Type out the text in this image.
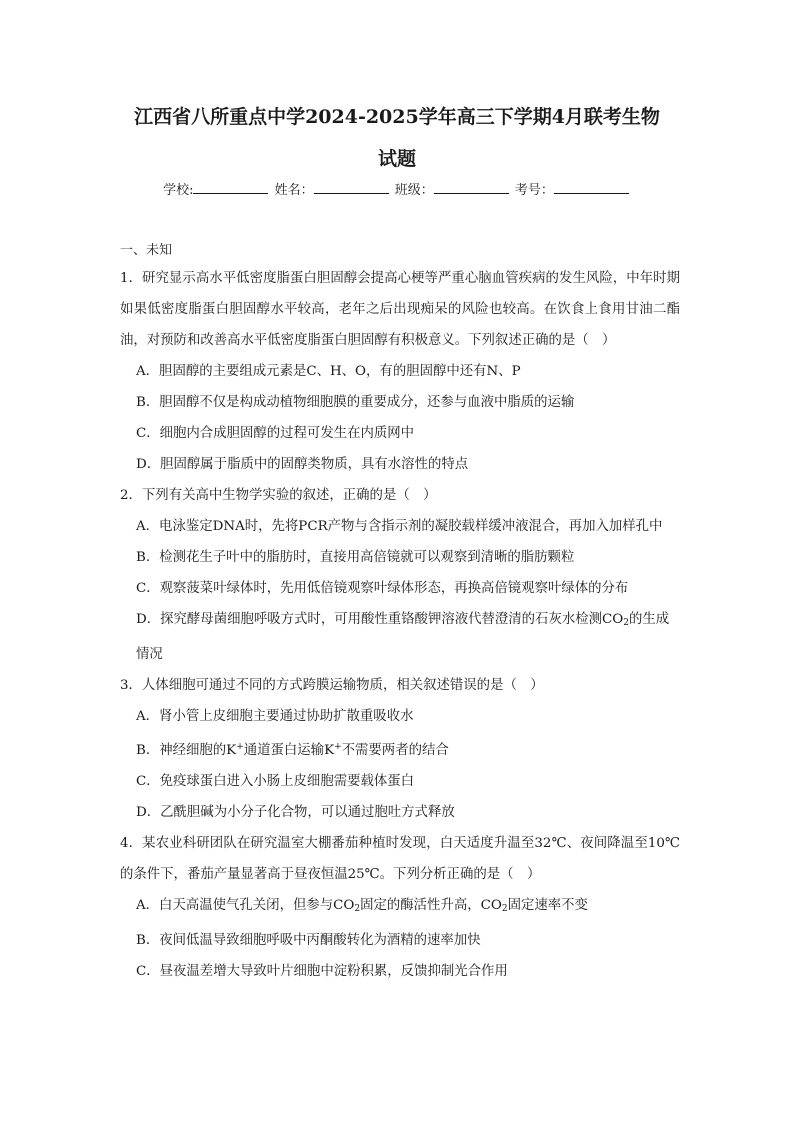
江西省八所重点中学2024-2025学年高三下学期4月联考生物
试题
学校:	姓名：	班级：	考号：
一、未知
1．研究显示高水平低密度脂蛋白胆固醇会提高心梗等严重心脑血管疾病的发生风险，中年时期如果低密度脂蛋白胆固醇水平较高，老年之后出现痴呆的风险也较高。在饮食上食用甘油二酯油，对预防和改善高水平低密度脂蛋白胆固醇有积极意义。下列叙述正确的是（　）
A．胆固醇的主要组成元素是C、H、O，有的胆固醇中还有N、P
B．胆固醇不仅是构成动植物细胞膜的重要成分，还参与血液中脂质的运输
C．细胞内合成胆固醇的过程可发生在内质网中
D．胆固醇属于脂质中的固醇类物质，具有水溶性的特点
2．下列有关高中生物学实验的叙述，正确的是（　）
A．电泳鉴定DNA时，先将PCR产物与含指示剂的凝胶载样缓冲液混合，再加入加样孔中
B．检测花生子叶中的脂肪时，直接用高倍镜就可以观察到清晰的脂肪颗粒
C．观察菠菜叶绿体时，先用低倍镜观察叶绿体形态，再换高倍镜观察叶绿体的分布
D．探究酵母菌细胞呼吸方式时，可用酸性重铬酸钾溶液代替澄清的石灰水检测$CO_2$的生成情况
3．人体细胞可通过不同的方式跨膜运输物质，相关叙述错误的是（　）
A．肾小管上皮细胞主要通过协助扩散重吸收水
B．神经细胞的K+通道蛋白运输K+不需要两者的结合
C．免疫球蛋白进入小肠上皮细胞需要载体蛋白
D．乙酰胆碱为小分子化合物，可以通过胞吐方式释放
4．某农业科研团队在研究温室大棚番茄种植时发现，白天适度升温至32℃、夜间降温至10℃的条件下，番茄产量显著高于昼夜恒温25℃。下列分析正确的是（　）
A．白天高温使气孔关闭，但参与$CO_2$固定的酶活性升高，$CO_2$固定速率不变
B．夜间低温导致细胞呼吸中丙酮酸转化为酒精的速率加快
C．昼夜温差增大导致叶片细胞中淀粉积累，反馈抑制光合作用
